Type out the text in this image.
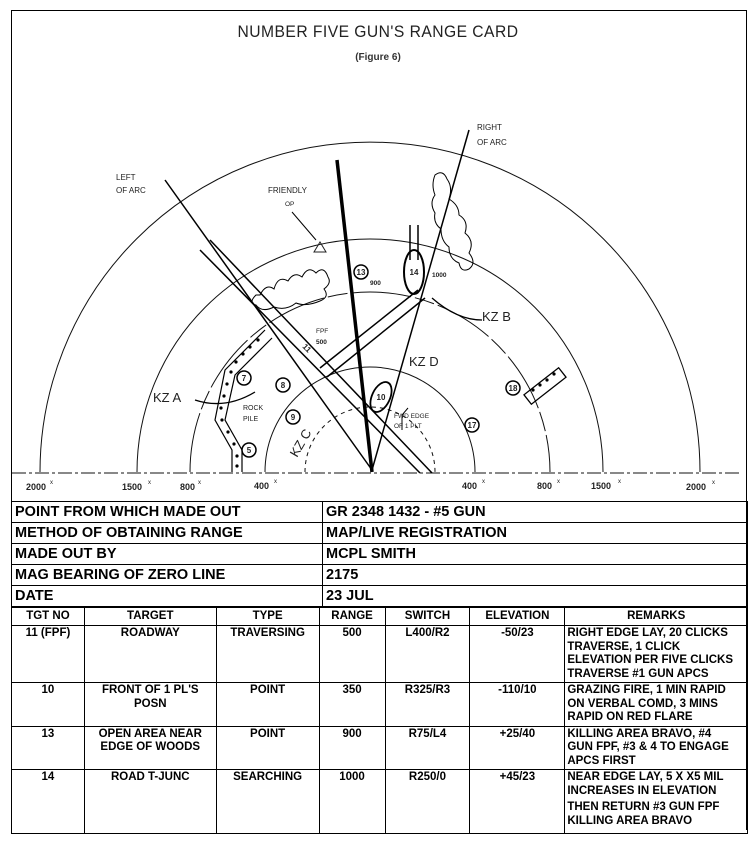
NUMBER FIVE GUN'S RANGE CARD
(Figure 6)
13
7
8
9
5
17
18
14
10
11
LEFT
OF ARC
RIGHT
OF ARC
FRIENDLY
OP
FPF
500
900
1000
ROCK
PILE	FWD EDGE
OF 1 PLT
KZ A
KZ B
KZ D
KZ C
2000	1500	800	400	400	800	1500	2000
x	x	x	x	x	x	x	x
POINT FROM WHICH MADE OUT	GR 2348 1432 - #5 GUN
METHOD OF OBTAINING RANGE	MAP/LIVE REGISTRATION
MADE OUT BY	MCPL SMITH
MAG BEARING OF ZERO LINE	2175
DATE	23 JUL
TGT NO	TARGET	TYPE	RANGE	SWITCH	ELEVATION	REMARKS
11 (FPF)	ROADWAY	TRAVERSING	500	L400/R2	-50/23	RIGHT EDGE LAY, 20 CLICKS

TRAVERSE, 1 CLICK

ELEVATION PER FIVE CLICKS

TRAVERSE #1 GUN APCS

10	FRONT OF 1 PL'S POSN	POINT	350	R325/R3	-110/10	GRAZING FIRE, 1 MIN RAPID

ON VERBAL COMD, 3 MINS

RAPID ON RED FLARE

13	OPEN AREA NEAR EDGE OF WOODS	POINT	900	R75/L4	+25/40	KILLING AREA BRAVO, #4

GUN FPF, #3 & 4 TO ENGAGE

APCS FIRST

14	ROAD T-JUNC	SEARCHING	1000	R250/0	+45/23	NEAR EDGE LAY, 5 X X5 MIL

INCREASES IN ELEVATION

THEN RETURN #3 GUN FPF

KILLING AREA BRAVO
